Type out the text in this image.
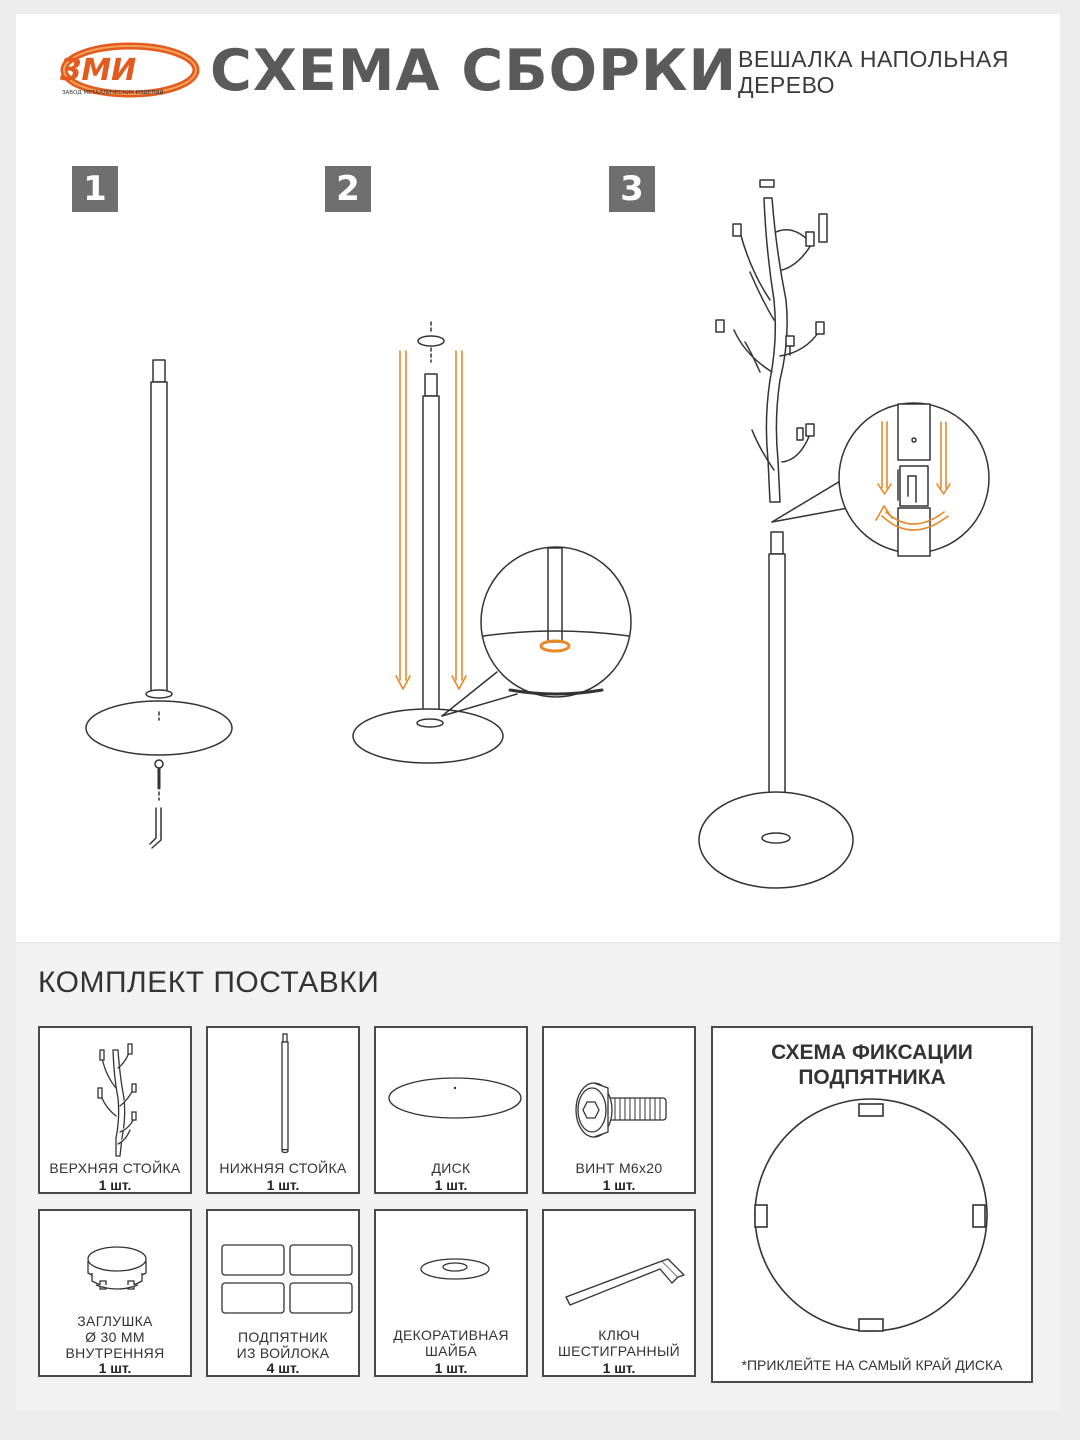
ЗМИ
ЗАВОД МЕТАЛЛИЧЕСКИХ ИЗДЕЛИЙ СХЕМА СБОРКИ ВЕШАЛКА НАПОЛЬНАЯ
ДЕРЕВО
1	2	3
КОМПЛЕКТ ПОСТАВКИ
ВЕРХНЯЯ СТОЙКА
1 шт.
НИЖНЯЯ СТОЙКА
1 шт.
ДИСК
1 шт.
ВИНТ М6х20
1 шт.
ЗАГЛУШКА
Ø 30 ММ
ВНУТРЕННЯЯ
1 шт.
ПОДПЯТНИК
ИЗ ВОЙЛОКА
4 шт.
ДЕКОРАТИВНАЯ
ШАЙБА
1 шт.
КЛЮЧ
ШЕСТИГРАННЫЙ
1 шт.
СХЕМА ФИКСАЦИИ
ПОДПЯТНИКА
*ПРИКЛЕЙТЕ НА САМЫЙ КРАЙ ДИСКА
